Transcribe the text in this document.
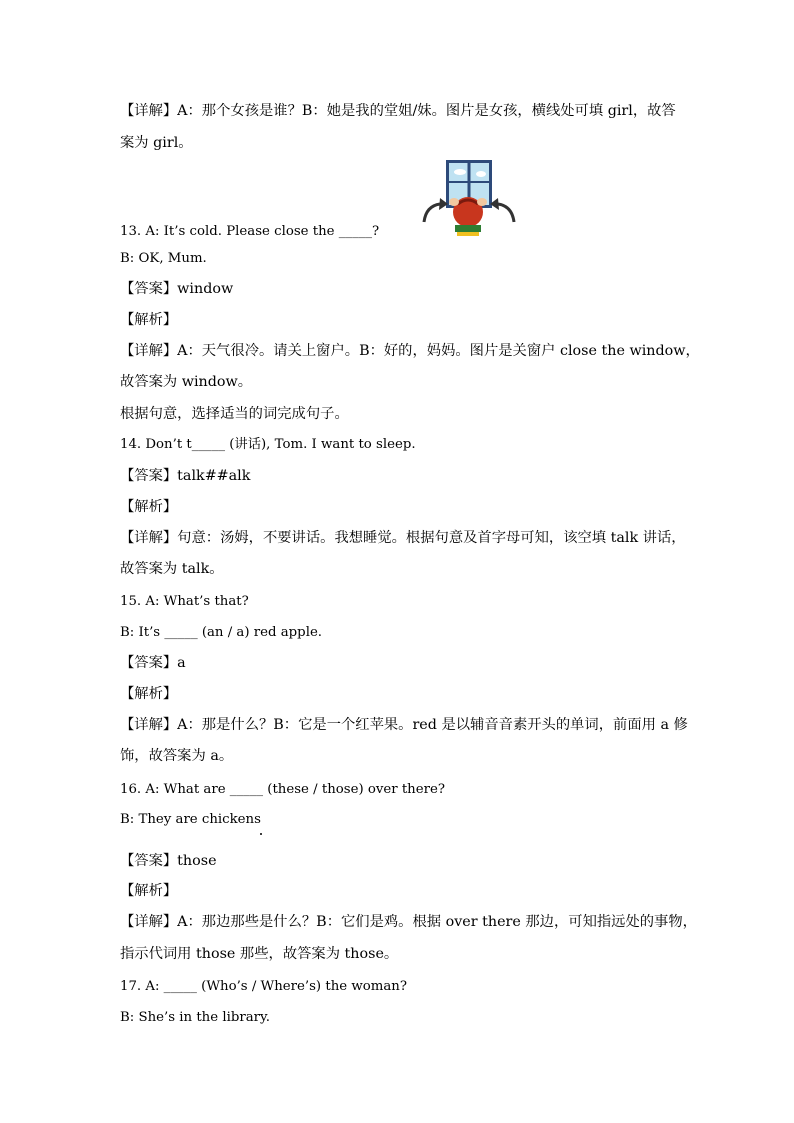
【详解】A：那个女孩是谁？B：她是我的堂姐/妹。图片是女孩，横线处可填 girl，故答
案为 girl。
13. A: It’s cold. Please close the _____?
B: OK, Mum.
【答案】window
【解析】
【详解】A：天气很冷。请关上窗户。B：好的，妈妈。图片是关窗户 close the window，
故答案为 window。
根据句意，选择适当的词完成句子。
14. Don’t t_____ (讲话), Tom. I want to sleep.
【答案】talk##alk
【解析】
【详解】句意：汤姆，不要讲话。我想睡觉。根据句意及首字母可知，该空填 talk 讲话，
故答案为 talk。
15. A: What’s that?
B: It’s _____ (an / a) red apple.
【答案】a
【解析】
【详解】A：那是什么？B：它是一个红苹果。red 是以辅音音素开头的单词，前面用 a 修
饰，故答案为 a。
16. A: What are _____ (these / those) over there?
B: They are chickens
【答案】those
【解析】
【详解】A：那边那些是什么？B：它们是鸡。根据 over there 那边，可知指远处的事物，
指示代词用 those 那些，故答案为 those。
17. A: _____ (Who’s / Where’s) the woman?
B: She’s in the library.
